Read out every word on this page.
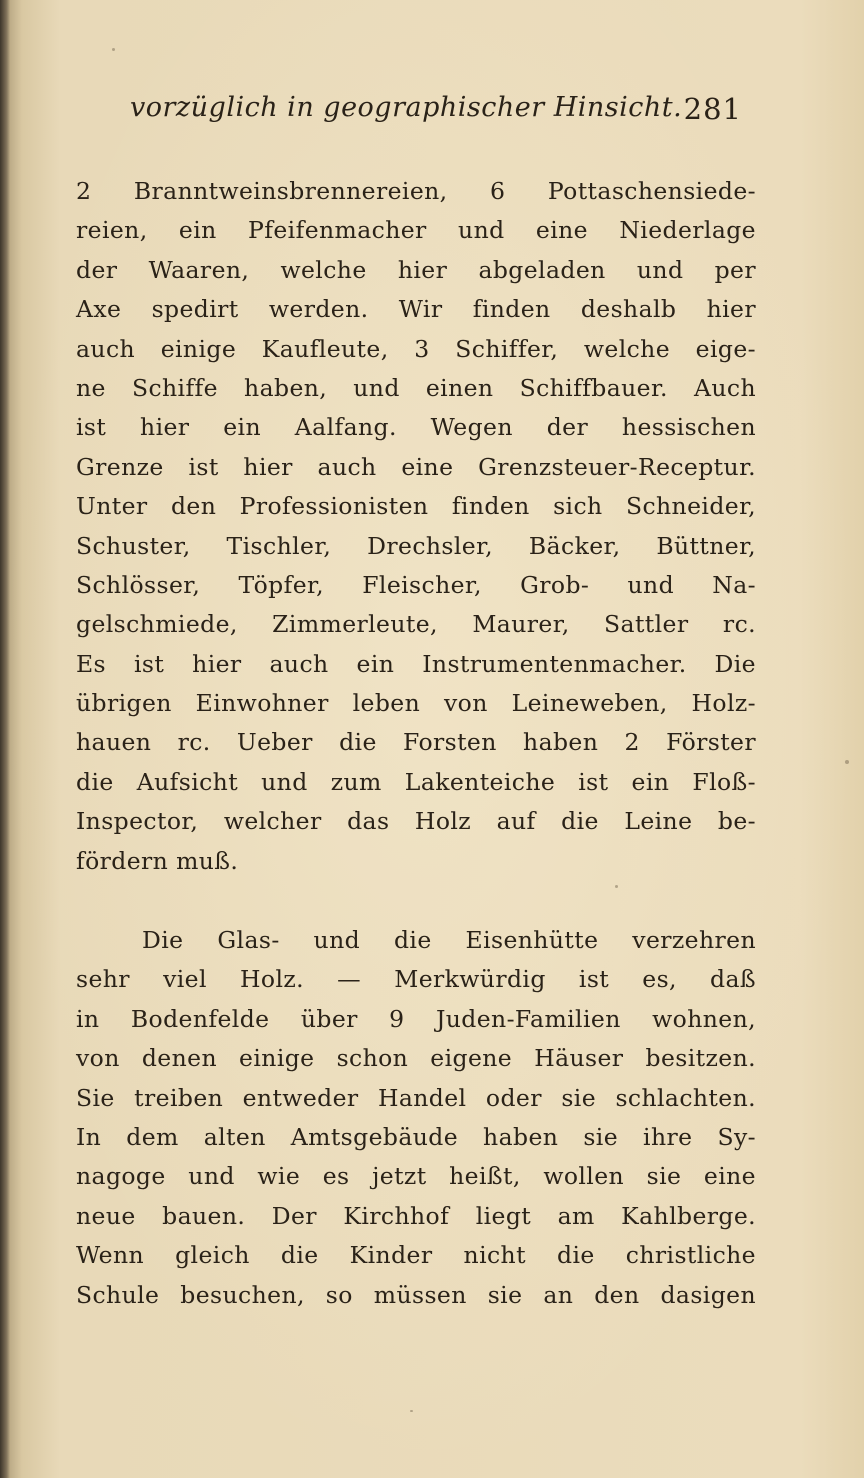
vorzüglich in geographischer Hinsicht. 281
2 Branntweinsbrennereien, 6 Pottaschensiede-
reien, ein Pfeifenmacher und eine Niederlage
der Waaren, welche hier abgeladen und per
Axe spedirt werden. Wir finden deshalb hier
auch einige Kaufleute, 3 Schiffer, welche eige-
ne Schiffe haben, und einen Schiffbauer. Auch
ist hier ein Aalfang. Wegen der hessischen
Grenze ist hier auch eine Grenzsteuer-Receptur.
Unter den Professionisten finden sich Schneider,
Schuster, Tischler, Drechsler, Bäcker, Büttner,
Schlösser, Töpfer, Fleischer, Grob- und Na-
gelschmiede, Zimmerleute, Maurer, Sattler rc.
Es ist hier auch ein Instrumentenmacher. Die
übrigen Einwohner leben von Leineweben, Holz-
hauen rc. Ueber die Forsten haben 2 Förster
die Aufsicht und zum Lakenteiche ist ein Floß-
Inspector, welcher das Holz auf die Leine be-
fördern muß.
Die Glas- und die Eisenhütte verzehren
sehr viel Holz. — Merkwürdig ist es, daß
in Bodenfelde über 9 Juden-Familien wohnen,
von denen einige schon eigene Häuser besitzen.
Sie treiben entweder Handel oder sie schlachten.
In dem alten Amtsgebäude haben sie ihre Sy-
nagoge und wie es jetzt heißt, wollen sie eine
neue bauen. Der Kirchhof liegt am Kahlberge.
Wenn gleich die Kinder nicht die christliche
Schule besuchen, so müssen sie an den dasigen
